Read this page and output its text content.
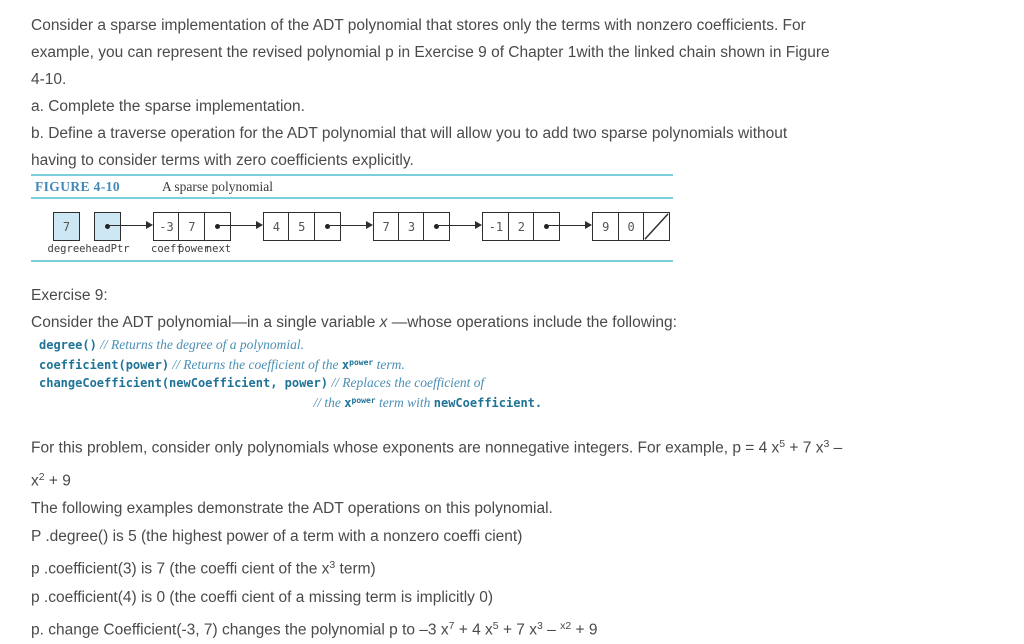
Consider a sparse implementation of the ADT polynomial that stores only the terms with nonzero coefficients. For
example, you can represent the revised polynomial p in Exercise 9 of Chapter 1with the linked chain shown in Figure
4-10.
a. Complete the sparse implementation.
b. Define a traverse operation for the ADT polynomial that will allow you to add two sparse polynomials without
having to consider terms with zero coefficients explicitly.
FIGURE 4-10	A sparse polynomial
7
degree headPtr
-3	7
coeff
power
next
4	5	7	3	-1	2	9	0
Exercise 9:
Consider the ADT polynomial—in a single variable x —whose operations include the following:
degree() // Returns the degree of a polynomial.
coefficient(power) // Returns the coefficient of the $x^{power}$ term.
changeCoefficient(newCoefficient, power) // Replaces the coefficient of
// the $x^{power}$ term with newCoefficient.
For this problem, consider only polynomials whose exponents are nonnegative integers. For example, p = 4 $x^5 + 7$ $x^3$ –
$x^2 + 9$
The following examples demonstrate the ADT operations on this polynomial.
P .degree() is 5 (the highest power of a term with a nonzero coeffi cient)
p .coefficient(3) is 7 (the coeffi cient of the $x^3$ term)
p .coefficient(4) is 0 (the coeffi cient of a missing term is implicitly 0)
p. change Coefficient(-3, 7) changes the polynomial p to –3 $x^7 + 4$ $x^5 + 7$ $x^3 - ^{x2} + 9$
